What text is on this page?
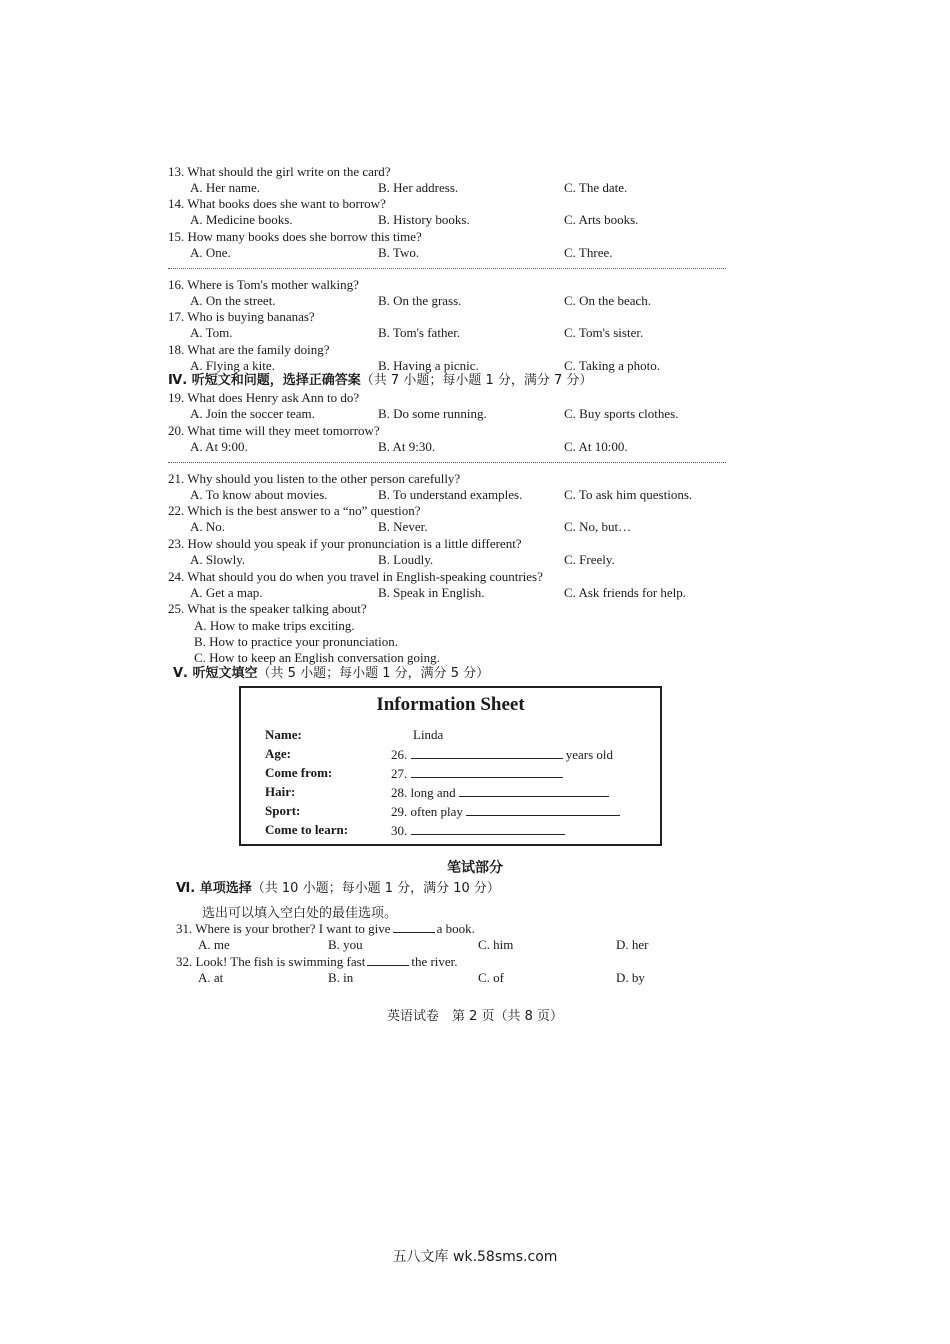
13. What should the girl write on the card?
A. Her name.	B. Her address.	C. The date.
14. What books does she want to borrow?
A. Medicine books.	B. History books.	C. Arts books.
15. How many books does she borrow this time?
A. One.	B. Two.	C. Three.
16. Where is Tom's mother walking?
A. On the street.	B. On the grass.	C. On the beach.
17. Who is buying bananas?
A. Tom.	B. Tom's father.	C. Tom's sister.
18. What are the family doing?
A. Flying a kite.	B. Having a picnic.	C. Taking a photo.
Ⅳ. 听短文和问题，选择正确答案（共 7 小题；每小题 1 分，满分 7 分）
19. What does Henry ask Ann to do?
A. Join the soccer team.	B. Do some running.	C. Buy sports clothes.
20. What time will they meet tomorrow?
A. At 9:00.	B. At 9:30.	C. At 10:00.
21. Why should you listen to the other person carefully?
A. To know about movies.	B. To understand examples.	C. To ask him questions.
22. Which is the best answer to a “no” question?
A. No.	B. Never.	C. No, but…
23. How should you speak if your pronunciation is a little different?
A. Slowly.	B. Loudly.	C. Freely.
24. What should you do when you travel in English-speaking countries?
A. Get a map.	B. Speak in English.	C. Ask friends for help.
25. What is the speaker talking about?
A. How to make trips exciting.
B. How to practice your pronunciation.
C. How to keep an English conversation going.
Ⅴ. 听短文填空（共 5 小题；每小题 1 分，满分 5 分）
Information Sheet
Name:	Linda
Age:	26.	years old
Come from:	27.
Hair:	28. long and
Sport:	29. often play
Come to learn:	30.
笔试部分
Ⅵ. 单项选择（共 10 小题；每小题 1 分，满分 10 分）
选出可以填入空白处的最佳选项。
31. Where is your brother? I want to give	a book.
A. me	B. you	C. him	D. her
32. Look! The fish is swimming fast	the river.
A. at	B. in	C. of	D. by
英语试卷　第 2 页（共 8 页）
五八文库 wk.58sms.com
